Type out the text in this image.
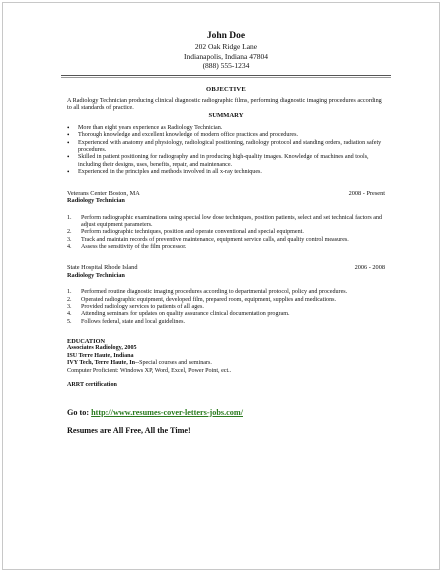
John Doe
202 Oak Ridge Lane
Indianapolis, Indiana 47804
(888) 555-1234
OBJECTIVE

A Radiology Technician producing clinical diagnostic radiographic films, performing diagnostic imaging procedures according to all standards of practice.

SUMMARY
• More than eight years experience as Radiology Technician.
• Thorough knowledge and excellent knowledge of modern office practices and procedures.
• Experienced with anatomy and physiology, radiological positioning, radiology protocol and standing orders, radiation safety procedures.
• Skilled in patient positioning for radiography and in producing high-quality images. Knowledge of machines and tools, including their designs, uses, benefits, repair, and maintenance.
• Experienced in the principles and methods involved in all x-ray techniques.
Veterans Center Boston, MA	2008 - Present
Radiology Technician
1. Perform radiographic examinations using special low dose techniques, position patients, select and set technical factors and adjust equipment parameters.
2. Perform radiographic techniques, position and operate conventional and special equipment.
3. Track and maintain records of preventive maintenance, equipment service calls, and quality control measures.
4. Assess the sensitivity of the film processor.
State Hospital Rhode Island	2006 - 2008
Radiology Technician
1. Performed routine diagnostic imaging procedures according to departmental protocol, policy and procedures.
2. Operated radiographic equipment, developed film, prepared room, equipment, supplies and medications.
3. Provided radiology services to patients of all ages.
4. Attending seminars for updates on quality assurance clinical documentation program.
5. Follows federal, state and local guidelines.
EDUCATION
Associates Radiology, 2005
ISU Terre Haute, Indiana
IVY Tech, Terre Haute, In--Special courses and seminars.
Computer Proficient: Windows XP, Word, Excel, Power Point, ect..
ARRT certification
Go to: http://www.resumes-cover-letters-jobs.com/
Resumes are All Free, All the Time!
